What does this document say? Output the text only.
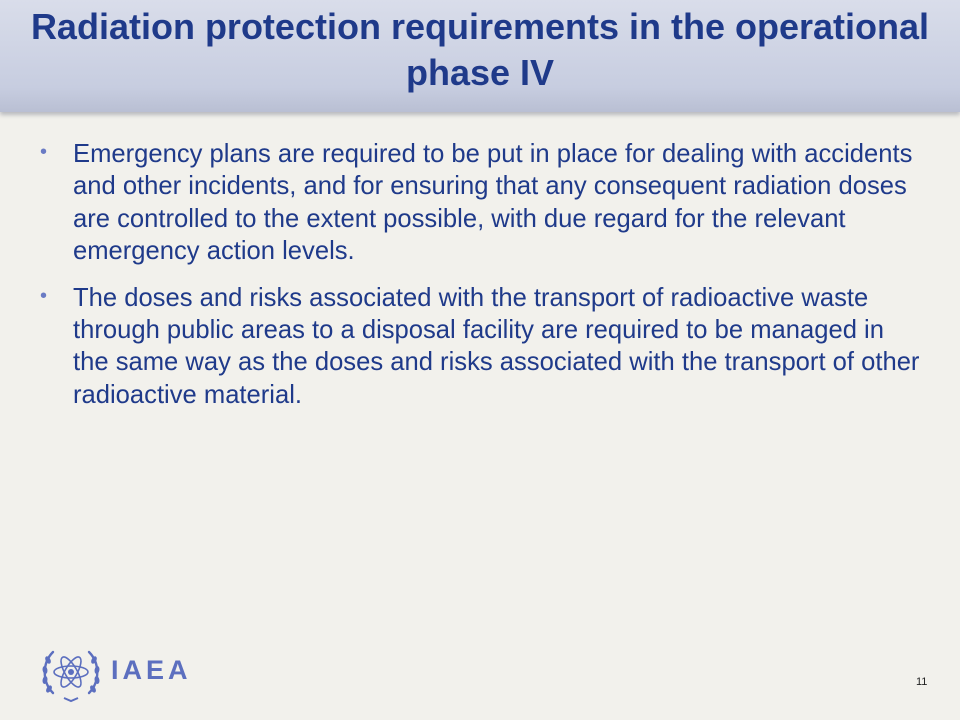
Radiation protection requirements in the operational phase IV
• Emergency plans are required to be put in place for dealing with accidents and other incidents, and for ensuring that any consequent radiation doses are controlled to the extent possible, with due regard for the relevant emergency action levels.
• The doses and risks associated with the transport of radioactive waste through public areas to a disposal facility are required to be managed in the same way as the doses and risks associated with the transport of other radioactive material.
IAEA	11
